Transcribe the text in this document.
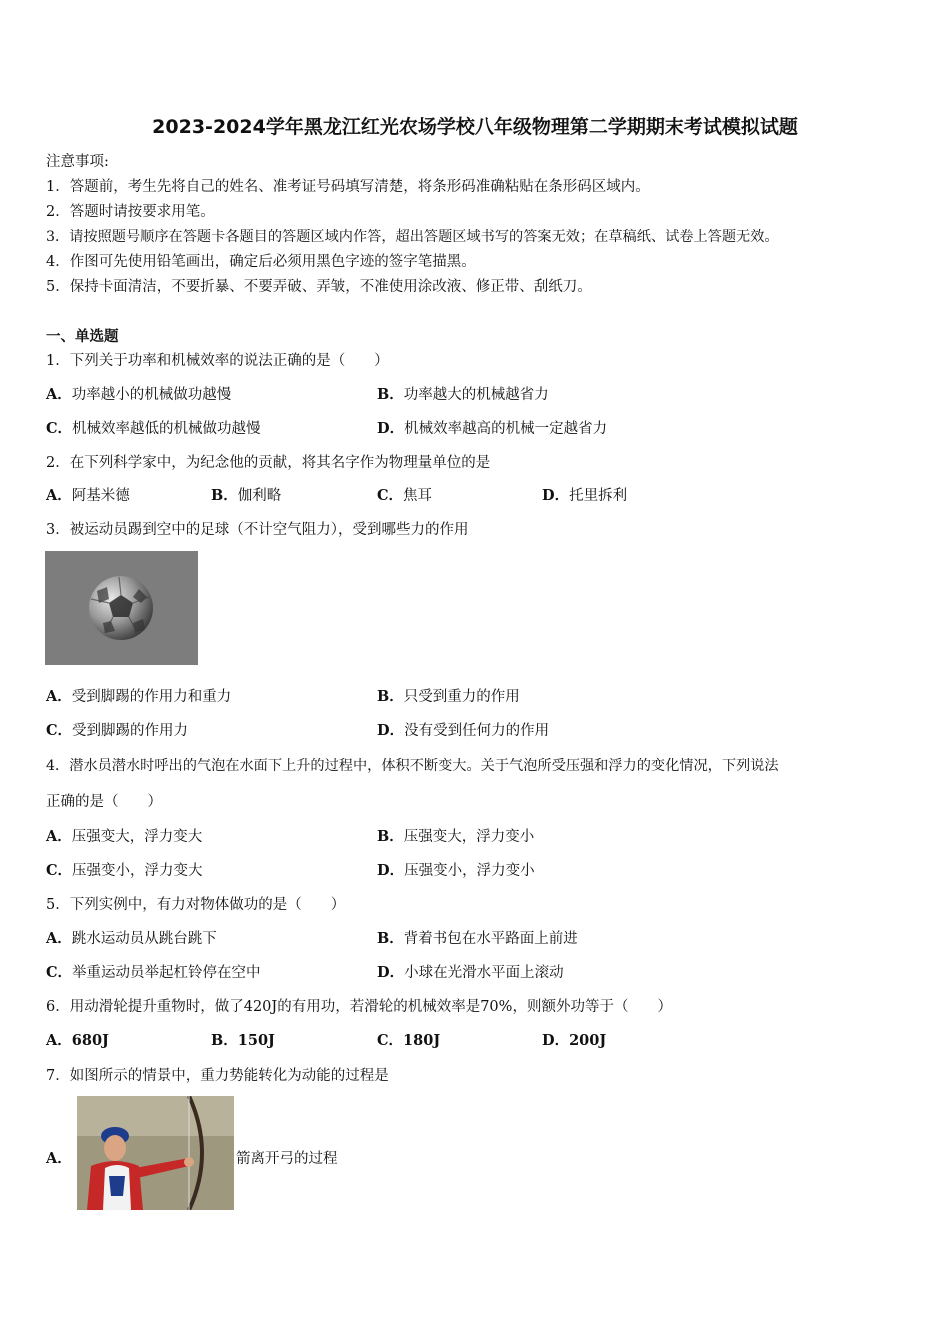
2023-2024学年黑龙江红光农场学校八年级物理第二学期期末考试模拟试题
注意事项:
1．答题前，考生先将自己的姓名、准考证号码填写清楚，将条形码准确粘贴在条形码区域内。
2．答题时请按要求用笔。
3．请按照题号顺序在答题卡各题目的答题区域内作答，超出答题区域书写的答案无效；在草稿纸、试卷上答题无效。
4．作图可先使用铅笔画出，确定后必须用黑色字迹的签字笔描黑。
5．保持卡面清洁，不要折暴、不要弄破、弄皱，不准使用涂改液、修正带、刮纸刀。
一、单选题
1．下列关于功率和机械效率的说法正确的是（　　）
A．功率越小的机械做功越慢	B．功率越大的机械越省力
C．机械效率越低的机械做功越慢	D．机械效率越高的机械一定越省力
2．在下列科学家中，为纪念他的贡献，将其名字作为物理量单位的是
A．阿基米德	B．伽利略	C．焦耳	D．托里拆利
3．被运动员踢到空中的足球（不计空气阻力），受到哪些力的作用
A．受到脚踢的作用力和重力	B．只受到重力的作用
C．受到脚踢的作用力	D．没有受到任何力的作用
4．潜水员潜水时呼出的气泡在水面下上升的过程中，体积不断变大。关于气泡所受压强和浮力的变化情况，下列说法
正确的是（　　）
A．压强变大，浮力变大	B．压强变大，浮力变小
C．压强变小，浮力变大	D．压强变小，浮力变小
5．下列实例中，有力对物体做功的是（　　）
A．跳水运动员从跳台跳下	B．背着书包在水平路面上前进
C．举重运动员举起杠铃停在空中	D．小球在光滑水平面上滚动
6．用动滑轮提升重物时，做了420J的有用功，若滑轮的机械效率是70%，则额外功等于（　　）
A．680J	B．150J	C．180J	D．200J
7．如图所示的情景中，重力势能转化为动能的过程是
A．	箭离开弓的过程
